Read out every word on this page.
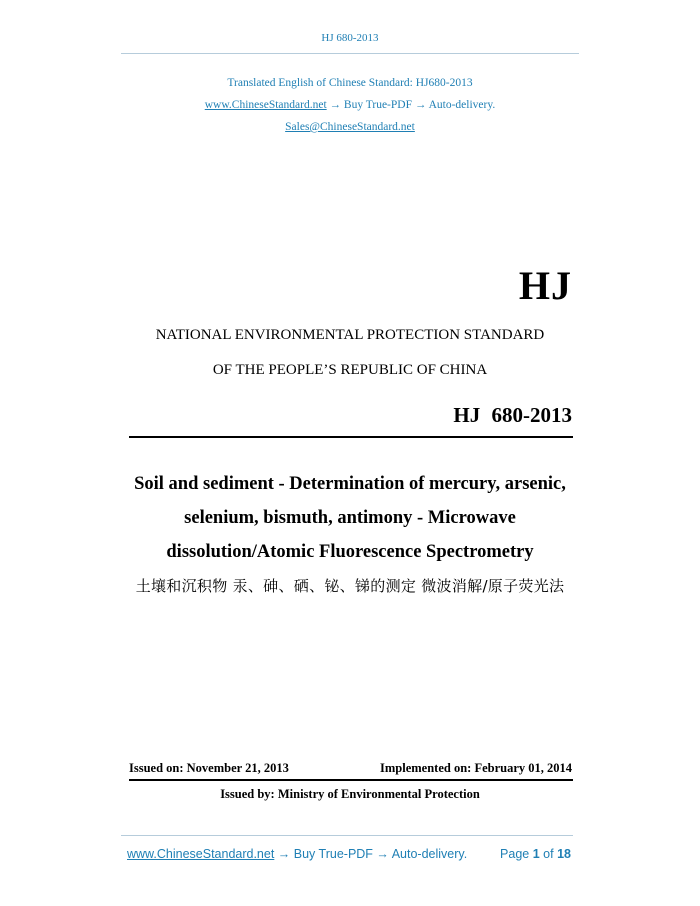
HJ 680-2013
Translated English of Chinese Standard: HJ680-2013
www.ChineseStandard.net → Buy True-PDF → Auto-delivery.
Sales@ChineseStandard.net
HJ
NATIONAL ENVIRONMENTAL PROTECTION STANDARD
OF THE PEOPLE’S REPUBLIC OF CHINA
HJ 680-2013
Soil and sediment - Determination of mercury, arsenic,
selenium, bismuth, antimony - Microwave
dissolution/Atomic Fluorescence Spectrometry
土壤和沉积物 汞、砷、硒、铋、锑的测定 微波消解/原子荧光法
Issued on: November 21, 2013	Implemented on: February 01, 2014
Issued by: Ministry of Environmental Protection
www.ChineseStandard.net → Buy True-PDF → Auto-delivery.	Page 1 of 18
